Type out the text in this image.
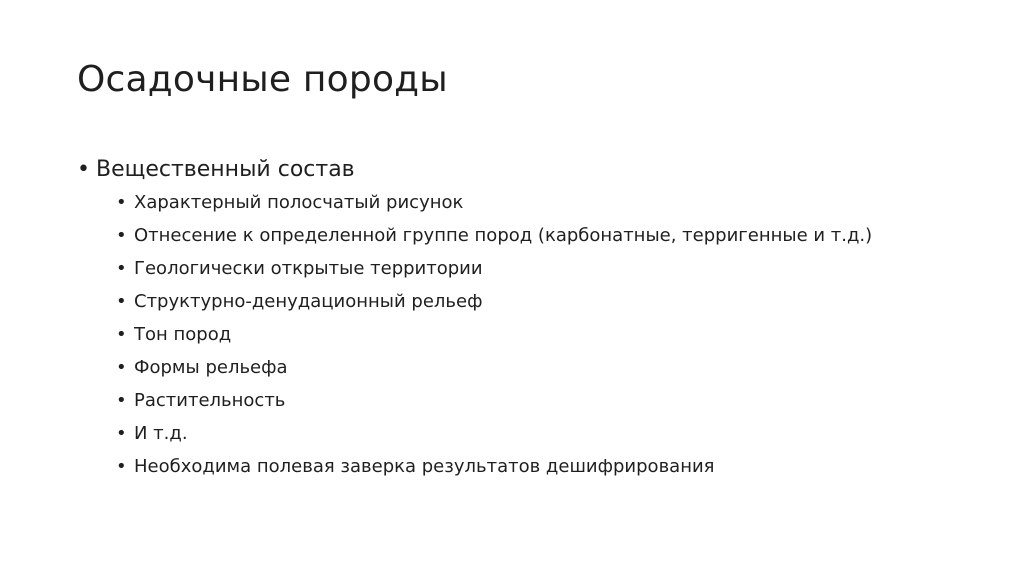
Осадочные породы
• Вещественный состав
• Характерный полосчатый рисунок
• Отнесение к определенной группе пород (карбонатные, терригенные и т.д.)
• Геологически открытые территории
• Структурно-денудационный рельеф
• Тон пород
• Формы рельефа
• Растительность
• И т.д.
• Необходима полевая заверка результатов дешифрирования
